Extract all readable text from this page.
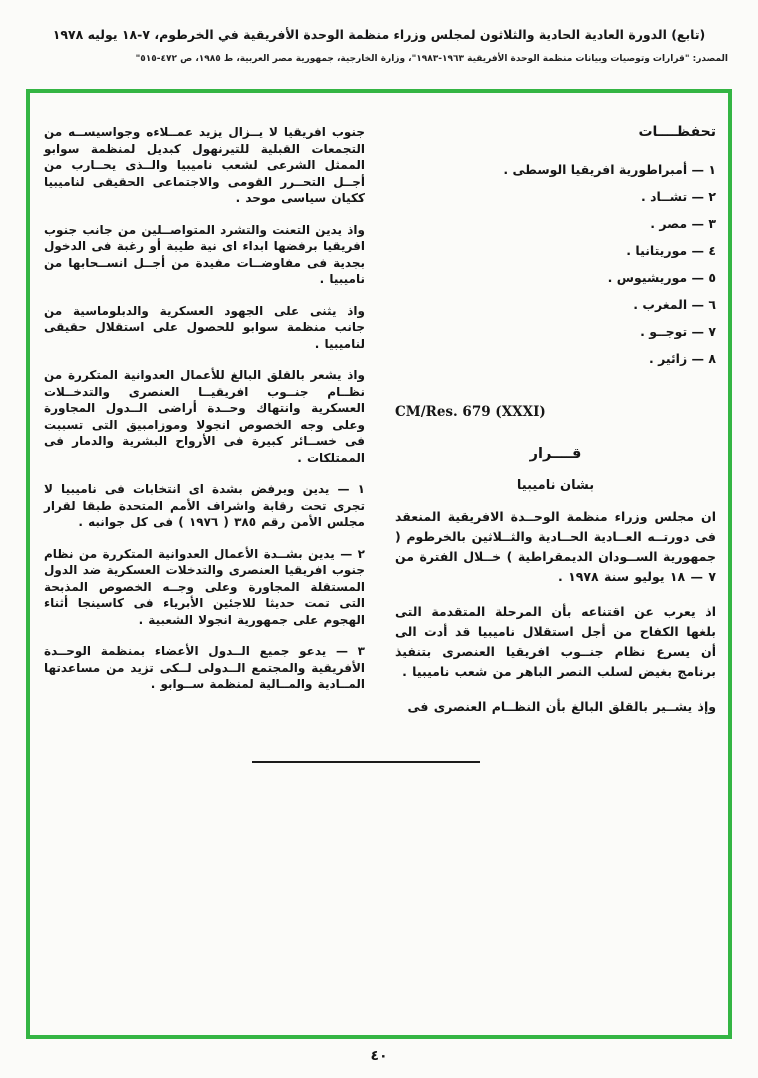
(تابع) الدورة العادية الحادية والثلاثون لمجلس وزراء منظمة الوحدة الأفريقية في الخرطوم، ٧-١٨ يوليه ١٩٧٨
المصدر: "قرارات وتوصيات وبيانات منظمة الوحدة الأفريقية ١٩٦٣-١٩٨٣"، وزارة الخارجية، جمهورية مصر العربية، ط ١٩٨٥، ص ٤٧٢-٥١٥"
تحفظــــات
١ — أمبراطورية افريقيا الوسطى .
٢ — تشــاد .
٣ — مصر .
٤ — موريتانيا .
٥ — موريشيوس .
٦ — المغرب .
٧ — توجــو .
٨ — زائير .
CM/Res. 679 (XXXI)
قــــرار
بشان ناميبيا

ان مجلس وزراء منظمة الوحــدة الافريقية المنعقد فى دورتــه العــادية الحــادية والثــلاثين بالخرطوم ( جمهورية الســودان الديمقراطية ) خــلال الفترة من ٧ — ١٨ يوليو سنة ١٩٧٨ .

اذ يعرب عن اقتناعه بأن المرحلة المتقدمة التى بلغها الكفاح من أجل استقلال ناميبيا قد أدت الى أن يسرع نظام جنــوب افريقيا العنصرى بتنفيذ برنامج بغيض لسلب النصر الباهر من شعب ناميبيا .

وإذ يشــير بالقلق البالغ بأن النظــام العنصرى فى

جنوب افريقيا لا يــزال يزيد عمــلاءه وجواسيســه من التجمعات القبلية للتيرنهول كبديل لمنظمة سوابو الممثل الشرعى لشعب ناميبيا والــذى يحــارب من أجــل التحــرر القومى والاجتماعى الحقيقى لناميبيا ككيان سياسى موحد .

واذ يدين التعنت والتشرد المتواصــلين من جانب جنوب افريقيا برفضها ابداء اى نية طيبة أو رغبة فى الدخول بجدية فى مفاوضــات مفيدة من أجــل انســحابها من ناميبيا .

واذ يثنى على الجهود العسكرية والدبلوماسية من جانب منظمة سوابو للحصول على استقلال حقيقى لناميبيا .

واذ يشعر بالقلق البالغ للأعمال العدوانية المتكررة من نظــام جنــوب افريقيــا العنصرى والتدخــلات العسكرية وانتهاك وحــدة أراضى الــدول المجاورة وعلى وجه الخصوص انجولا وموزامبيق التى تسببت فى خســائر كبيرة فى الأرواح البشرية والدمار فى الممتلكات .

١ — يدين ويرفض بشدة اى انتخابات فى ناميبيا لا تجرى تحت رقابة واشراف الأمم المتحدة طبقا لقرار مجلس الأمن رقم ٣٨٥ ( ١٩٧٦ ) فى كل جوانبه .

٢ — يدين بشــدة الأعمال العدوانية المتكررة من نظام جنوب افريقيا العنصرى والتدخلات العسكرية ضد الدول المستقلة المجاورة وعلى وجــه الخصوص المذبحة التى تمت حديثا للاجئين الأبرياء فى كاسينجا أثناء الهجوم على جمهورية انجولا الشعبية .

٣ — يدعو جميع الــدول الأعضاء بمنظمة الوحــدة الأفريقية والمجتمع الــدولى لــكى تزيد من مساعدتها المــادية والمــالية لمنظمة ســوابو .

٤٠
